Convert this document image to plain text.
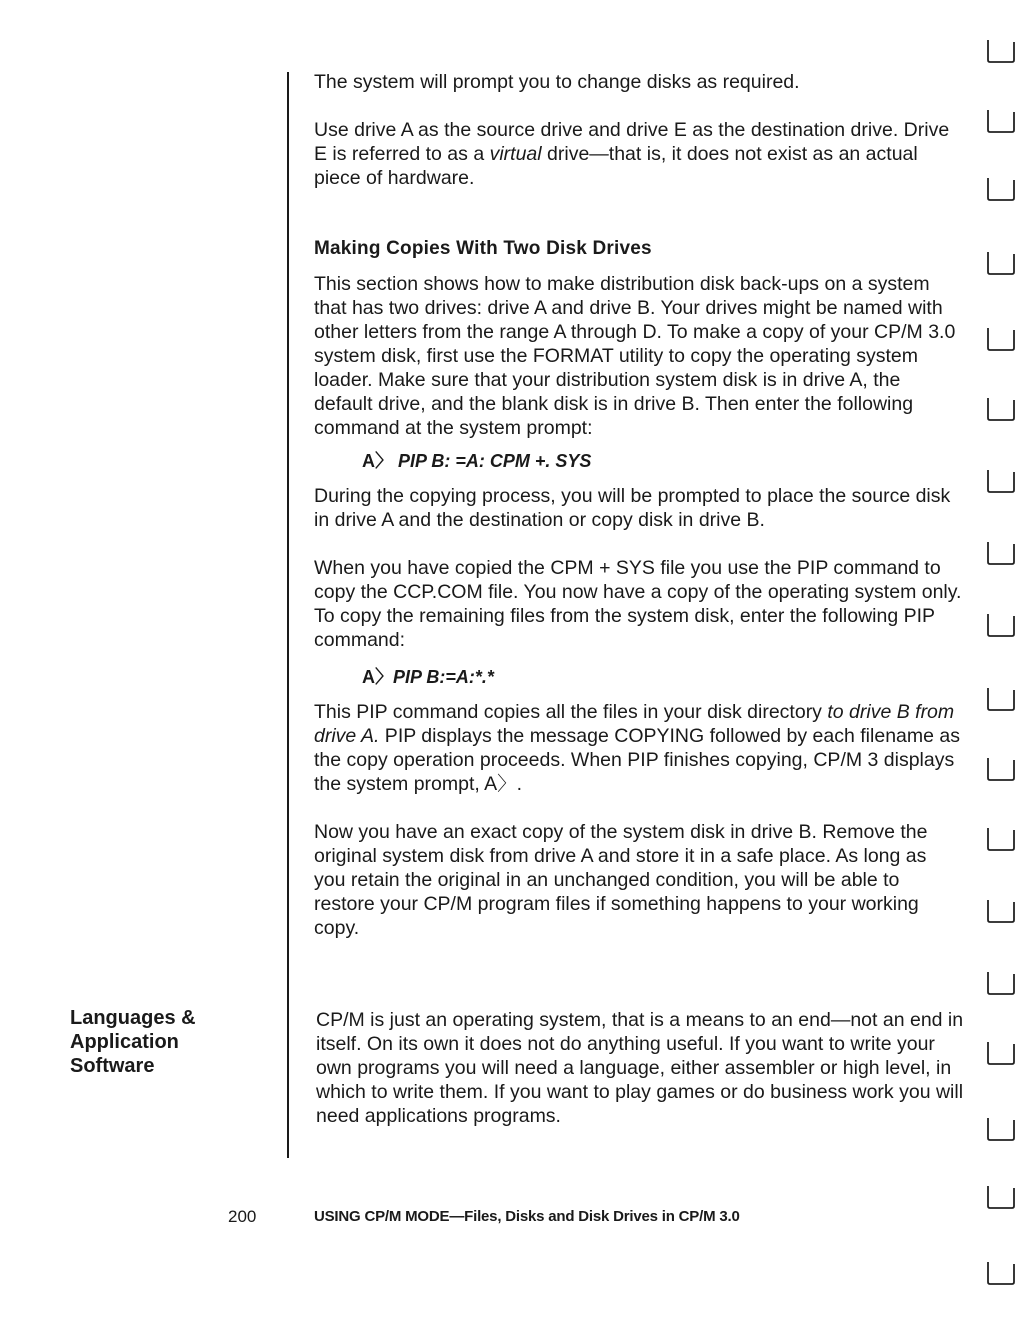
The system will prompt you to change disks as required.

Use drive A as the source drive and drive E as the destination drive. Drive E is referred to as a virtual drive—that is, it does not exist as an actual piece of hardware.

Making Copies With Two Disk Drives

This section shows how to make distribution disk back-ups on a system that has two drives: drive A and drive B. Your drives might be named with other letters from the range A through D. To make a copy of your CP/M 3.0 system disk, first use the FORMAT utility to copy the operating system loader. Make sure that your distribution system disk is in drive A, the default drive, and the blank disk is in drive B. Then enter the following command at the system prompt:

A〉 PIP B: =A: CPM +. SYS

During the copying process, you will be prompted to place the source disk in drive A and the destination or copy disk in drive B.

When you have copied the CPM + SYS file you use the PIP command to copy the CCP.COM file. You now have a copy of the operating system only. To copy the remaining files from the system disk, enter the following PIP command:

A〉PIP B:=A:*.*

This PIP command copies all the files in your disk directory to drive B from drive A. PIP displays the message COPYING followed by each filename as the copy operation proceeds. When PIP finishes copying, CP/M 3 displays the system prompt, A〉.

Now you have an exact copy of the system disk in drive B. Remove the original system disk from drive A and store it in a safe place. As long as you retain the original in an unchanged condition, you will be able to restore your CP/M program files if something happens to your working copy.

Languages &
Application
Software

CP/M is just an operating system, that is a means to an end—not an end in itself. On its own it does not do anything useful. If you want to write your own programs you will need a language, either assembler or high level, in which to write them. If you want to play games or do business work you will need applications programs.

200	USING CP/M MODE—Files, Disks and Disk Drives in CP/M 3.0
